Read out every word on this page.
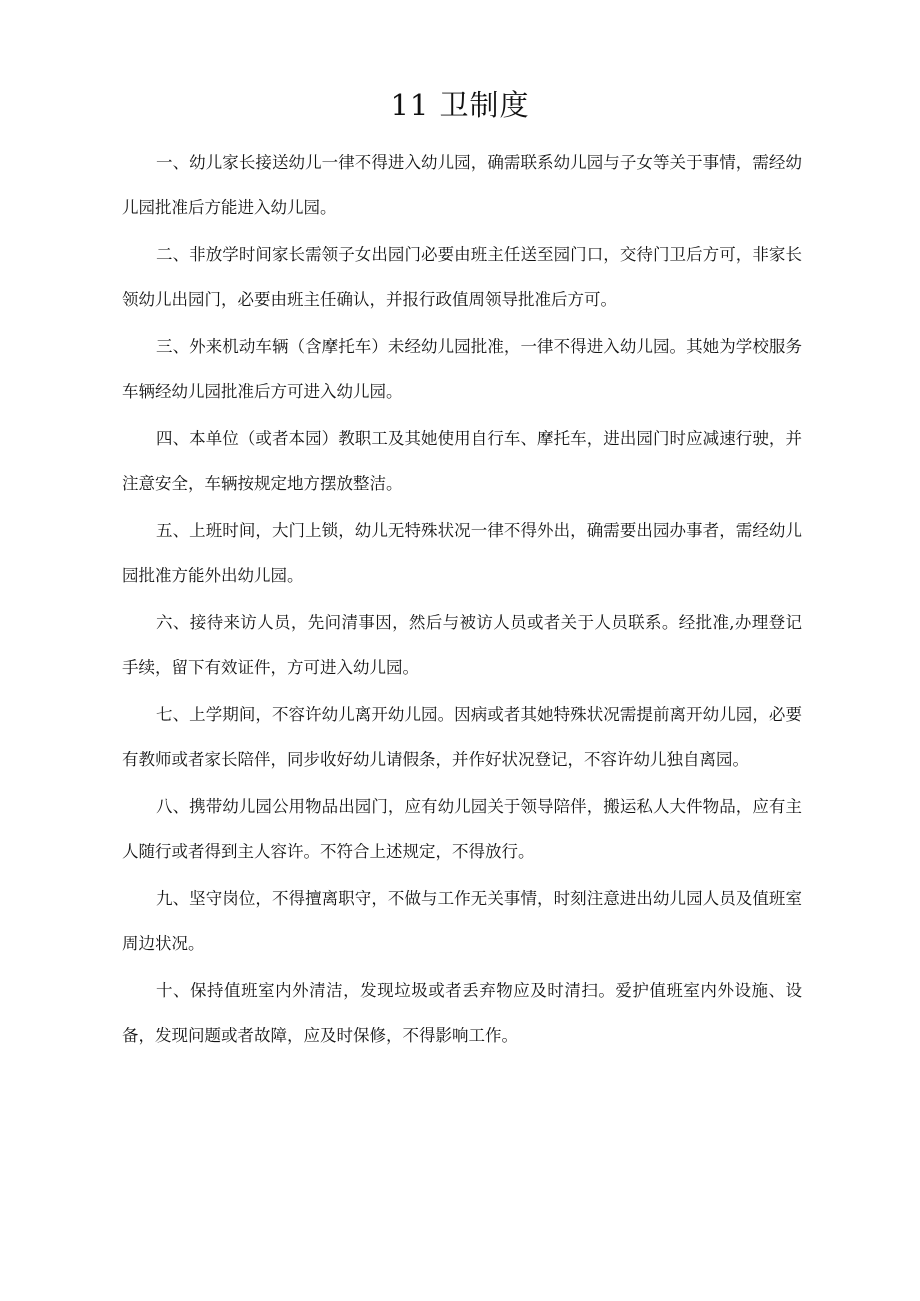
11 卫制度

一、幼儿家长接送幼儿一律不得进入幼儿园，确需联系幼儿园与子女等关于事情，需经幼儿园批准后方能进入幼儿园。

二、非放学时间家长需领子女出园门必要由班主任送至园门口，交待门卫后方可，非家长领幼儿出园门，必要由班主任确认，并报行政值周领导批准后方可。

三、外来机动车辆（含摩托车）未经幼儿园批准，一律不得进入幼儿园。其她为学校服务车辆经幼儿园批准后方可进入幼儿园。

四、本单位（或者本园）教职工及其她使用自行车、摩托车，进出园门时应减速行驶，并注意安全，车辆按规定地方摆放整洁。

五、上班时间，大门上锁，幼儿无特殊状况一律不得外出，确需要出园办事者，需经幼儿园批准方能外出幼儿园。

六、接待来访人员，先问清事因，然后与被访人员或者关于人员联系。经批准,办理登记手续，留下有效证件，方可进入幼儿园。

七、上学期间，不容许幼儿离开幼儿园。因病或者其她特殊状况需提前离开幼儿园，必要有教师或者家长陪伴，同步收好幼儿请假条，并作好状况登记，不容许幼儿独自离园。

八、携带幼儿园公用物品出园门，应有幼儿园关于领导陪伴，搬运私人大件物品，应有主人随行或者得到主人容许。不符合上述规定，不得放行。

九、坚守岗位，不得擅离职守，不做与工作无关事情，时刻注意进出幼儿园人员及值班室周边状况。

十、保持值班室内外清洁，发现垃圾或者丢弃物应及时清扫。爱护值班室内外设施、设备，发现问题或者故障，应及时保修，不得影响工作。
